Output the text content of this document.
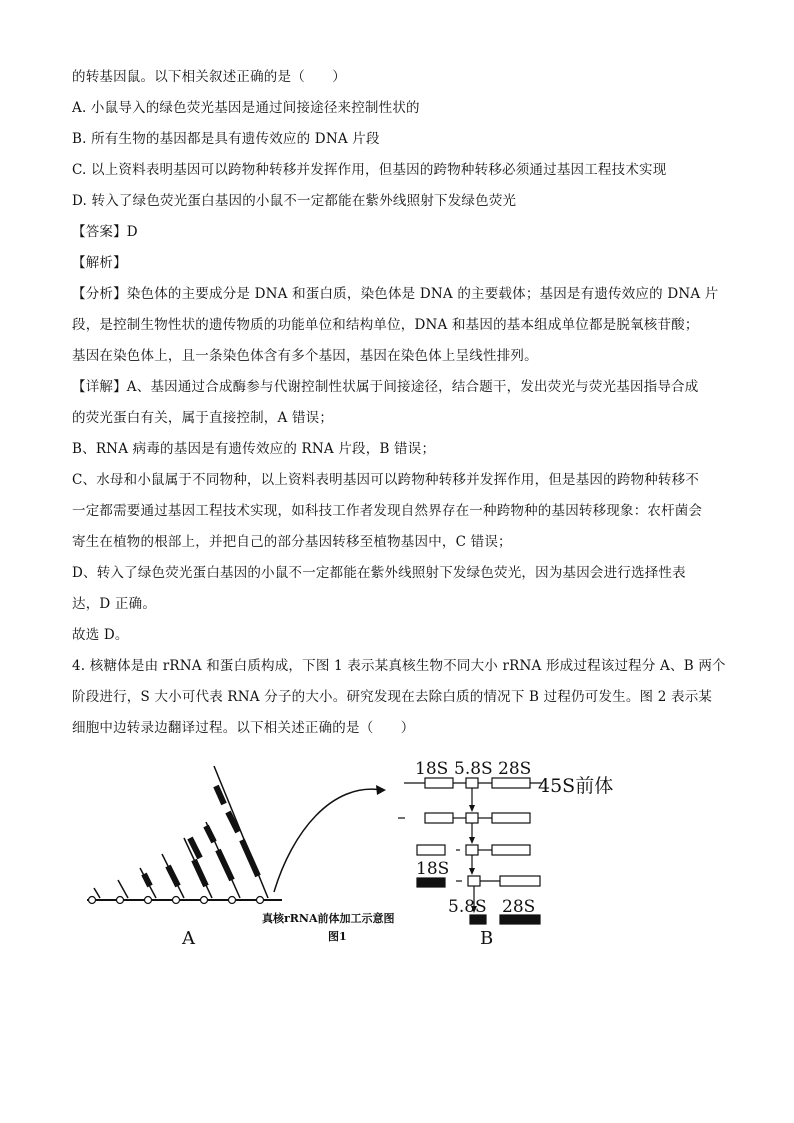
的转基因鼠。以下相关叙述正确的是（　　）
A. 小鼠导入的绿色荧光基因是通过间接途径来控制性状的
B. 所有生物的基因都是具有遗传效应的 DNA 片段
C. 以上资料表明基因可以跨物种转移并发挥作用，但基因的跨物种转移必须通过基因工程技术实现
D. 转入了绿色荧光蛋白基因的小鼠不一定都能在紫外线照射下发绿色荧光
【答案】D
【解析】
【分析】染色体的主要成分是 DNA 和蛋白质，染色体是 DNA 的主要载体；基因是有遗传效应的 DNA 片
段，是控制生物性状的遗传物质的功能单位和结构单位，DNA 和基因的基本组成单位都是脱氧核苷酸；
基因在染色体上，且一条染色体含有多个基因，基因在染色体上呈线性排列。
【详解】A、基因通过合成酶参与代谢控制性状属于间接途径，结合题干，发出荧光与荧光基因指导合成
的荧光蛋白有关，属于直接控制，A 错误；
B、RNA 病毒的基因是有遗传效应的 RNA 片段，B 错误；
C、水母和小鼠属于不同物种，以上资料表明基因可以跨物种转移并发挥作用，但是基因的跨物种转移不
一定都需要通过基因工程技术实现，如科技工作者发现自然界存在一种跨物种的基因转移现象：农杆菌会
寄生在植物的根部上，并把自己的部分基因转移至植物基因中，C 错误；
D、转入了绿色荧光蛋白基因的小鼠不一定都能在紫外线照射下发绿色荧光，因为基因会进行选择性表
达，D 正确。
故选 D。
4. 核糖体是由 rRNA 和蛋白质构成，下图 1 表示某真核生物不同大小 rRNA 形成过程该过程分 A、B 两个
阶段进行，S 大小可代表 RNA 分子的大小。研究发现在去除白质的情况下 B 过程仍可发生。图 2 表示某
细胞中边转录边翻译过程。以下相关述正确的是（　　）
18S 5.8S 28S
45S前体
18S
5.8S 28S
A	B
真核rRNA前体加工示意图
图1
